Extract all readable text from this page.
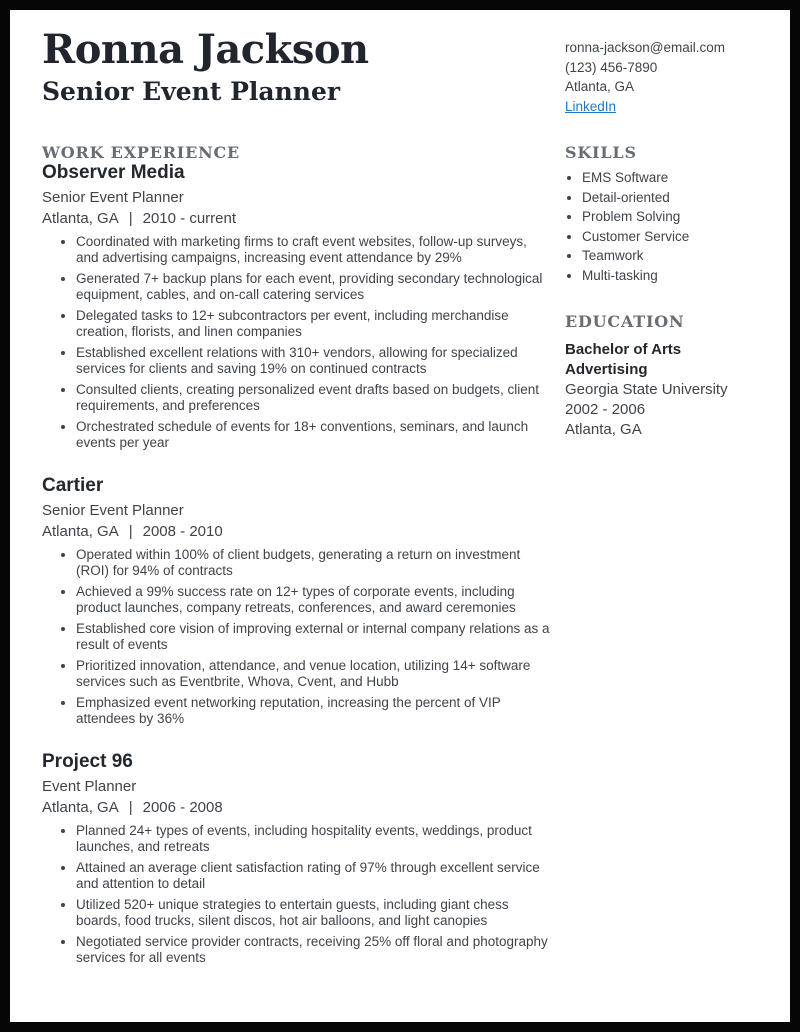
Ronna Jackson
Senior Event Planner
ronna-jackson@email.com
(123) 456-7890
Atlanta, GA
LinkedIn
WORK EXPERIENCE
Observer Media
Senior Event Planner
Atlanta, GA | 2010 - current
• Coordinated with marketing firms to craft event websites, follow-up surveys, and advertising campaigns, increasing event attendance by 29%
• Generated 7+ backup plans for each event, providing secondary technological equipment, cables, and on-call catering services
• Delegated tasks to 12+ subcontractors per event, including merchandise creation, florists, and linen companies
• Established excellent relations with 310+ vendors, allowing for specialized services for clients and saving 19% on continued contracts
• Consulted clients, creating personalized event drafts based on budgets, client requirements, and preferences
• Orchestrated schedule of events for 18+ conventions, seminars, and launch events per year
Cartier
Senior Event Planner
Atlanta, GA | 2008 - 2010
• Operated within 100% of client budgets, generating a return on investment (ROI) for 94% of contracts
• Achieved a 99% success rate on 12+ types of corporate events, including product launches, company retreats, conferences, and award ceremonies
• Established core vision of improving external or internal company relations as a result of events
• Prioritized innovation, attendance, and venue location, utilizing 14+ software services such as Eventbrite, Whova, Cvent, and Hubb
• Emphasized event networking reputation, increasing the percent of VIP attendees by 36%
Project 96
Event Planner
Atlanta, GA | 2006 - 2008
• Planned 24+ types of events, including hospitality events, weddings, product launches, and retreats
• Attained an average client satisfaction rating of 97% through excellent service and attention to detail
• Utilized 520+ unique strategies to entertain guests, including giant chess boards, food trucks, silent discos, hot air balloons, and light canopies
• Negotiated service provider contracts, receiving 25% off floral and photography services for all events
SKILLS
• EMS Software
• Detail-oriented
• Problem Solving
• Customer Service
• Teamwork
• Multi-tasking
EDUCATION
Bachelor of Arts
Advertising
Georgia State University
2002 - 2006
Atlanta, GA
